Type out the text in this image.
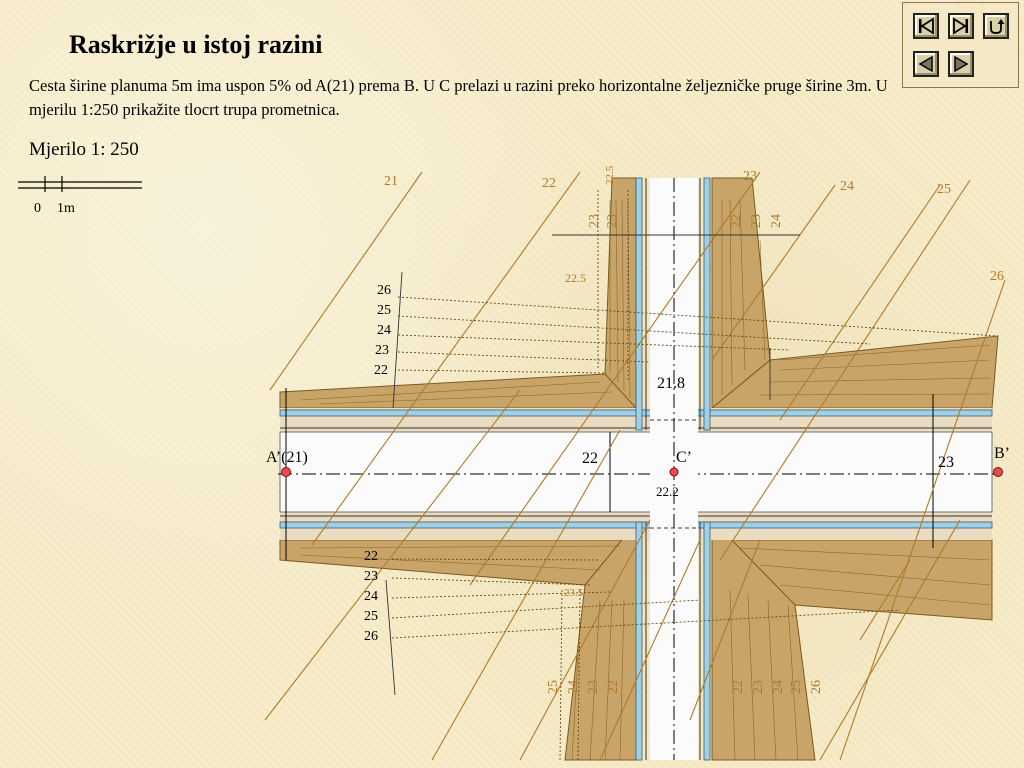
Raskrižje u istoj razini
Cesta širine planuma 5m ima uspon 5% od A(21) prema B. U C prelazi u razini preko horizontalne željezničke pruge širine 3m. U mjerilu 1:250 prikažite tlocrt trupa prometnica.
Mjerilo 1: 250
0 1m
21	22	22.5	23
24	25
26
26
25
24
23
22
22
23
24
25
26
23 23
22.5
22 23 24
25 24 23 22	22 23 24 25 26
23.5
A’(21)	B’
C’
22	23
21.8
22.2
